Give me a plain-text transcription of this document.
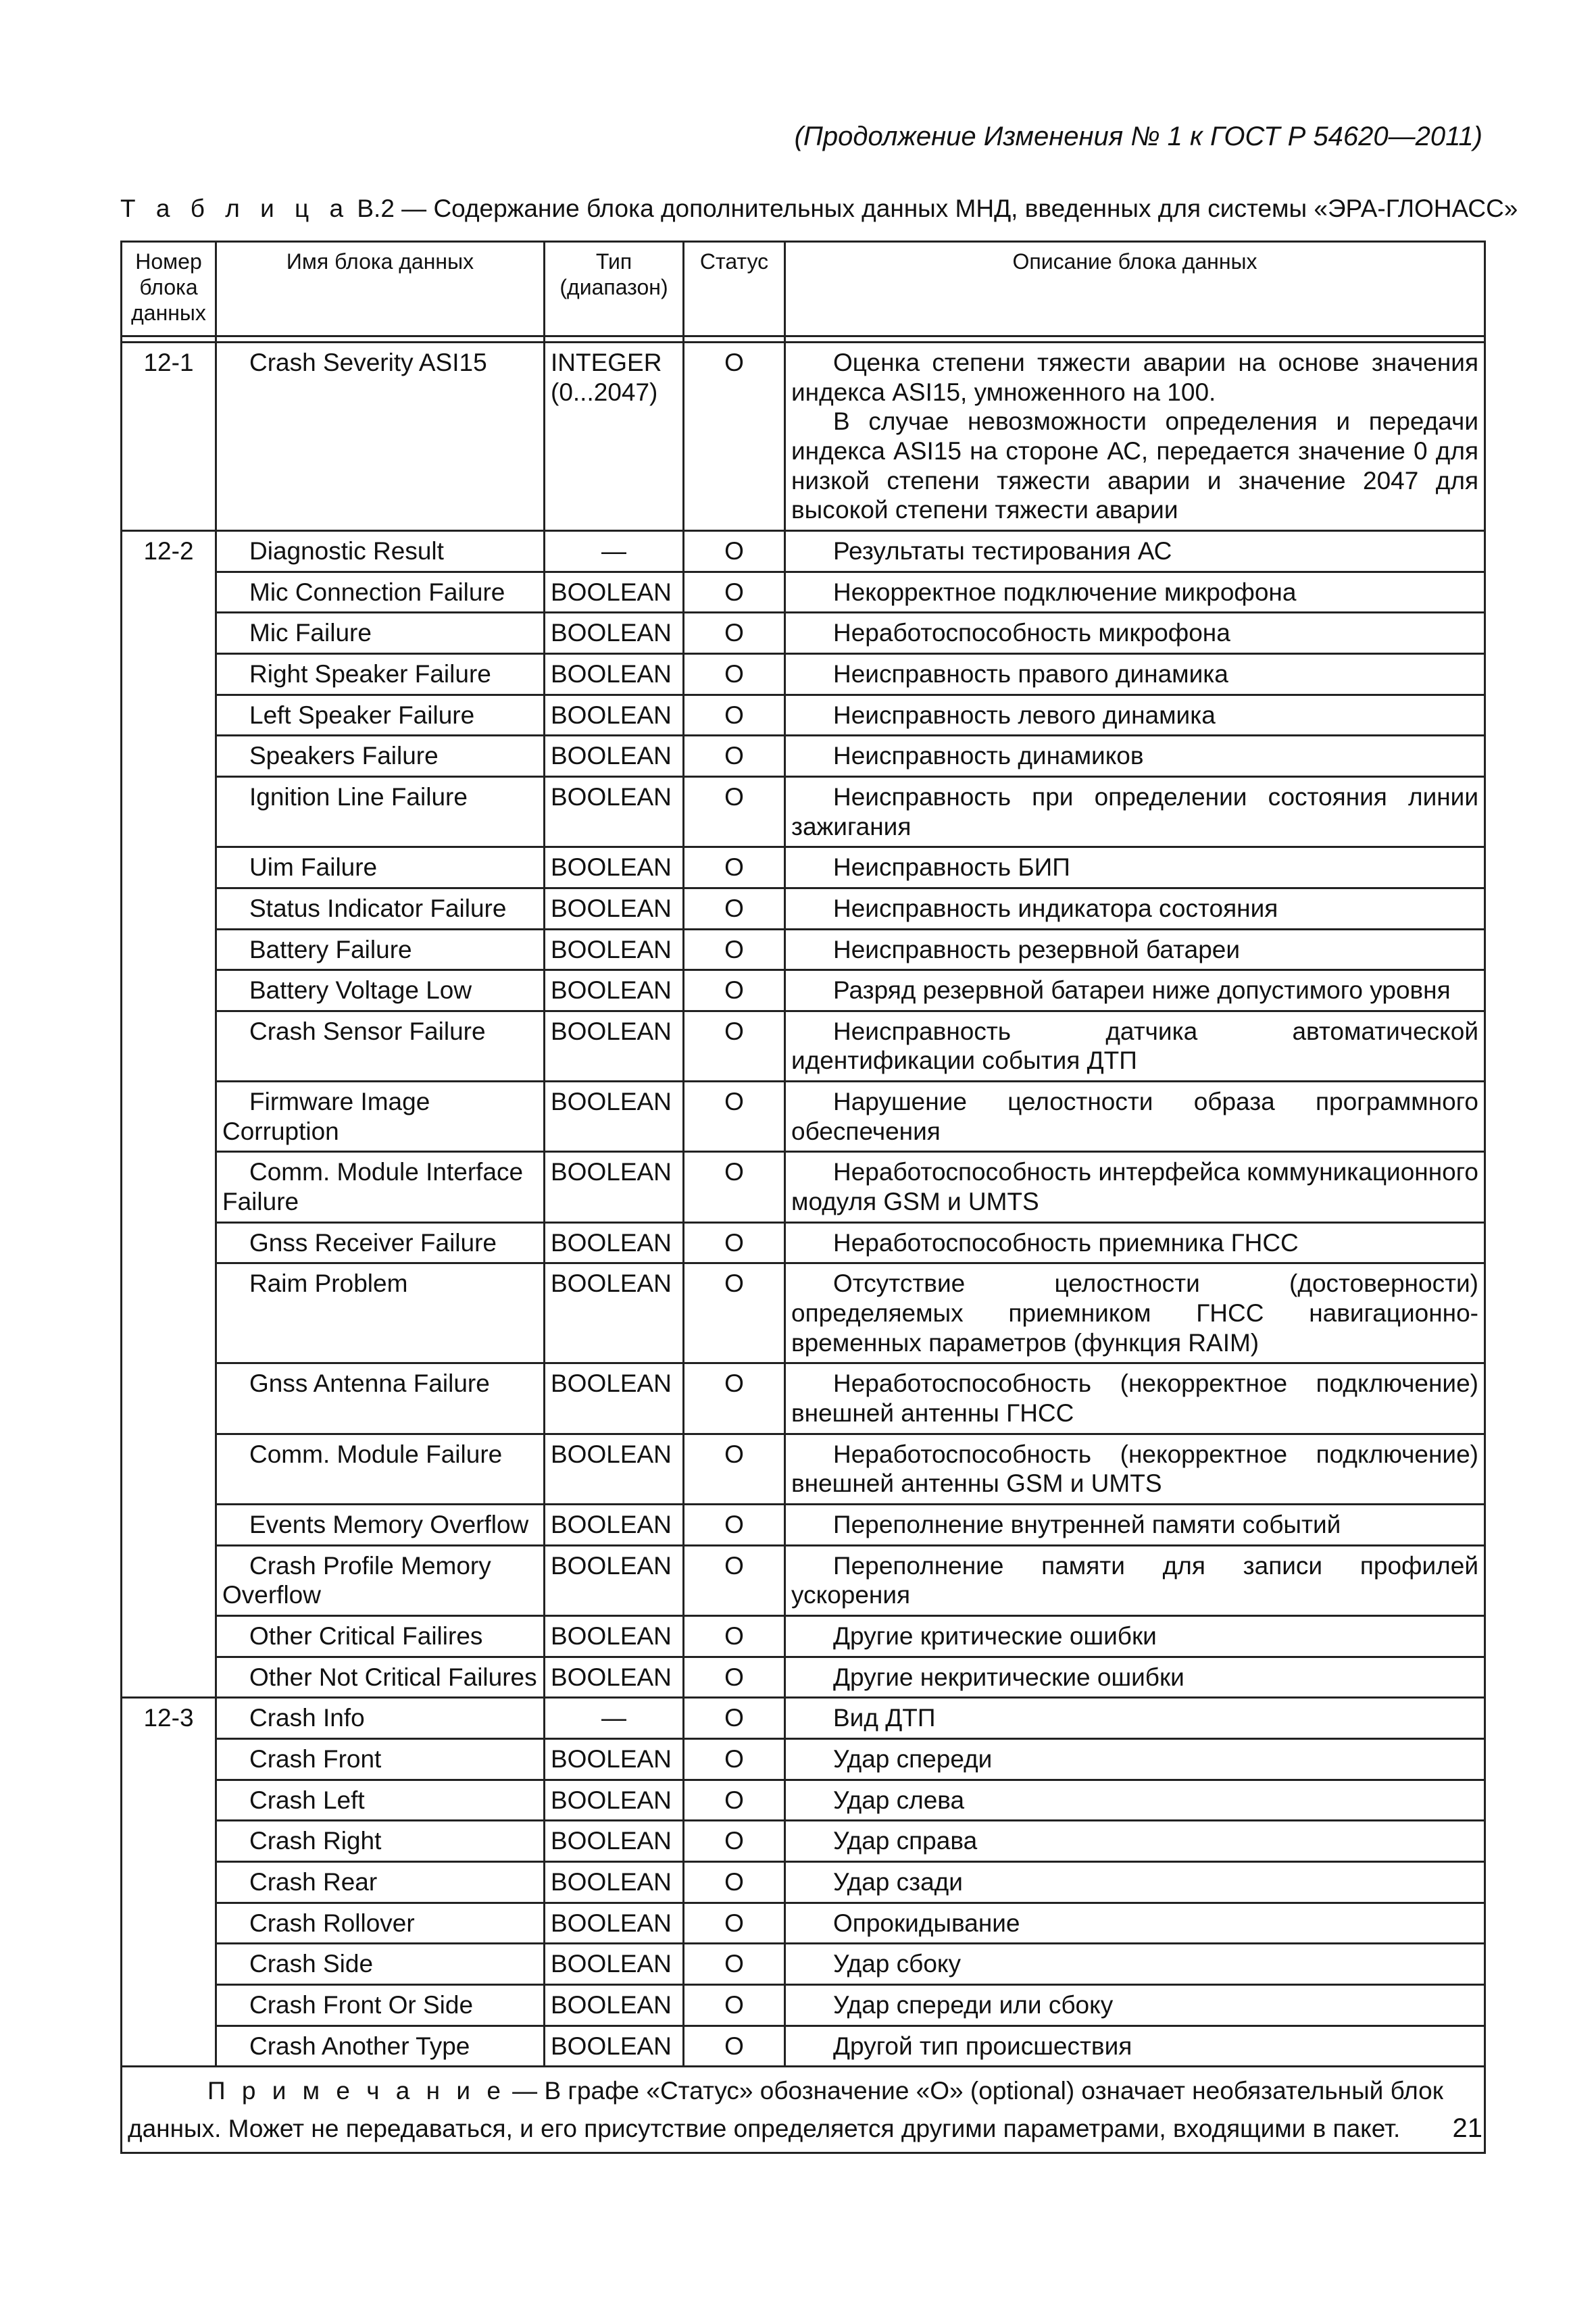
(Продолжение Изменения № 1 к ГОСТ Р 54620—2011)
Т а б л и ц а В.2 — Содержание блока дополнительных данных МНД, введенных для системы «ЭРА-ГЛОНАСС»
Номер блока данных	Имя блока данных	Тип (диапазон)	Статус	Описание блока данных

12-1	Crash Severity ASI15	INTEGER (0...2047)	O	Оценка степени тяжести аварии на основе значения индекса ASI15, умноженного на 100.
В случае невозможности определения и передачи индекса ASI15 на стороне АС, передается значение 0 для низкой степени тяжести аварии и значение 2047 для высокой степени тяжести аварии
12-2	Diagnostic Result	—	O	Результаты тестирования АС
	Mic Connection Failure	BOOLEAN	O	Некорректное подключение микрофона
	Mic Failure	BOOLEAN	O	Неработоспособность микрофона
	Right Speaker Failure	BOOLEAN	O	Неисправность правого динамика
	Left Speaker Failure	BOOLEAN	O	Неисправность левого динамика
	Speakers Failure	BOOLEAN	O	Неисправность динамиков
	Ignition Line Failure	BOOLEAN	O	Неисправность при определении состояния линии зажигания
	Uim Failure	BOOLEAN	O	Неисправность БИП
	Status Indicator Failure	BOOLEAN	O	Неисправность индикатора состояния
	Battery Failure	BOOLEAN	O	Неисправность резервной батареи
	Battery Voltage Low	BOOLEAN	O	Разряд резервной батареи ниже допустимого уровня
	Crash Sensor Failure	BOOLEAN	O	Неисправность датчика автоматической идентификации события ДТП
	Firmware Image Corruption	BOOLEAN	O	Нарушение целостности образа программного обеспечения
	Comm. Module Interface Failure	BOOLEAN	O	Неработоспособность интерфейса коммуникационного модуля GSM и UMTS
	Gnss Receiver Failure	BOOLEAN	O	Неработоспособность приемника ГНСС
	Raim Problem	BOOLEAN	O	Отсутствие целостности (достоверности) определяемых приемником ГНСС навигационно-временных параметров (функция RAIM)
	Gnss Antenna Failure	BOOLEAN	O	Неработоспособность (некорректное подключение) внешней антенны ГНСС
	Comm. Module Failure	BOOLEAN	O	Неработоспособность (некорректное подключение) внешней антенны GSM и UMTS
	Events Memory Overflow	BOOLEAN	O	Переполнение внутренней памяти событий
	Crash Profile Memory Overflow	BOOLEAN	O	Переполнение памяти для записи профилей ускорения
	Other Critical Failires	BOOLEAN	O	Другие критические ошибки
	Other Not Critical Failures	BOOLEAN	O	Другие некритические ошибки
12-3	Crash Info	—	O	Вид ДТП
	Crash Front	BOOLEAN	O	Удар спереди
	Crash Left	BOOLEAN	O	Удар слева
	Crash Right	BOOLEAN	O	Удар справа
	Crash Rear	BOOLEAN	O	Удар сзади
	Crash Rollover	BOOLEAN	O	Опрокидывание
	Crash Side	BOOLEAN	O	Удар сбоку
	Crash Front Or Side	BOOLEAN	O	Удар спереди или сбоку
	Crash Another Type	BOOLEAN	O	Другой тип происшествия
П р и м е ч а н и е — В графе «Статус» обозначение «O» (optional) означает необязательный блок данных. Может не передаваться, и его присутствие определяется другими параметрами, входящими в пакет.				21
